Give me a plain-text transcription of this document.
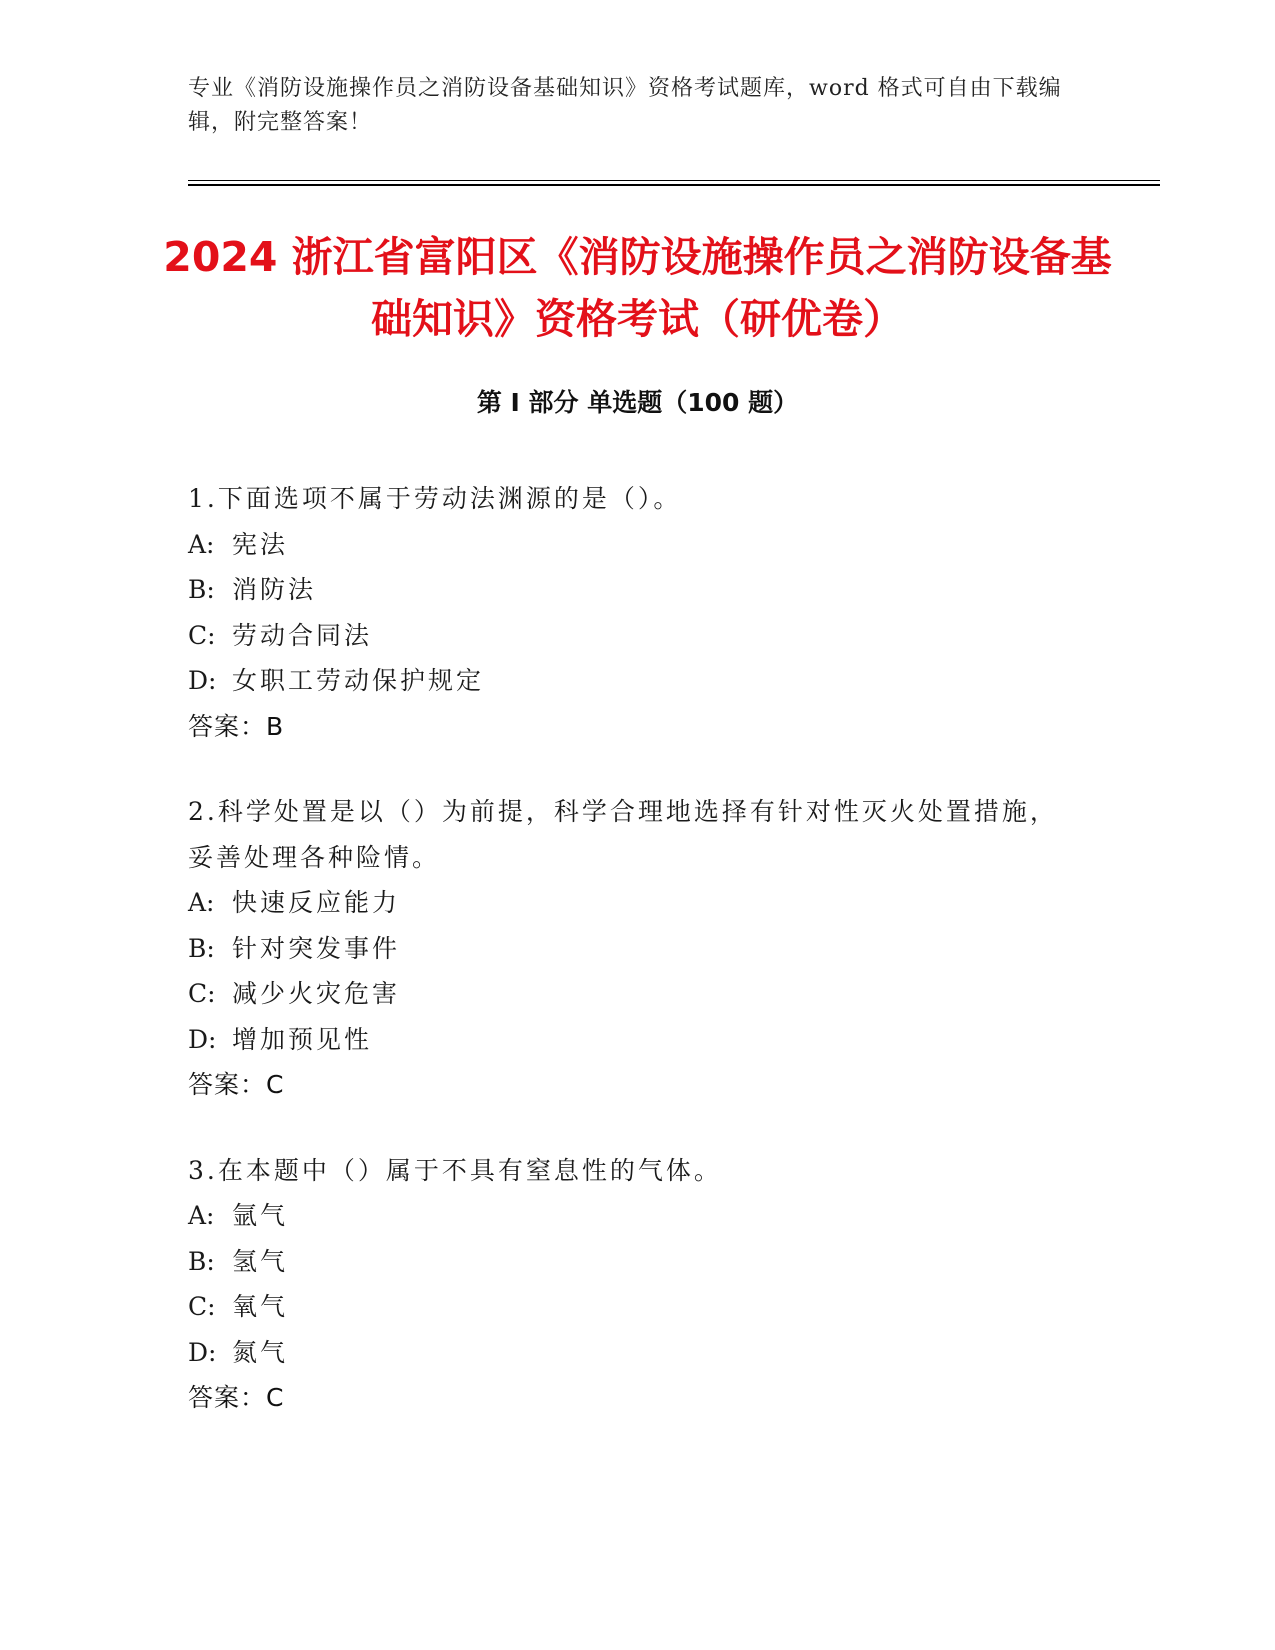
专业《消防设施操作员之消防设备基础知识》资格考试题库，word 格式可自由下载编辑，附完整答案！

2024 浙江省富阳区《消防设施操作员之消防设备基础知识》资格考试（研优卷）
第 I 部分 单选题（100 题）

1.下面选项不属于劳动法渊源的是（）。

A: 宪法

B: 消防法

C: 劳动合同法

D: 女职工劳动保护规定

答案：B

2.科学处置是以（）为前提，科学合理地选择有针对性灭火处置措施，妥善处理各种险情。

A: 快速反应能力

B: 针对突发事件

C: 减少火灾危害

D: 增加预见性

答案：C

3.在本题中（）属于不具有窒息性的气体。

A: 氩气

B: 氢气

C: 氧气

D: 氮气

答案：C
